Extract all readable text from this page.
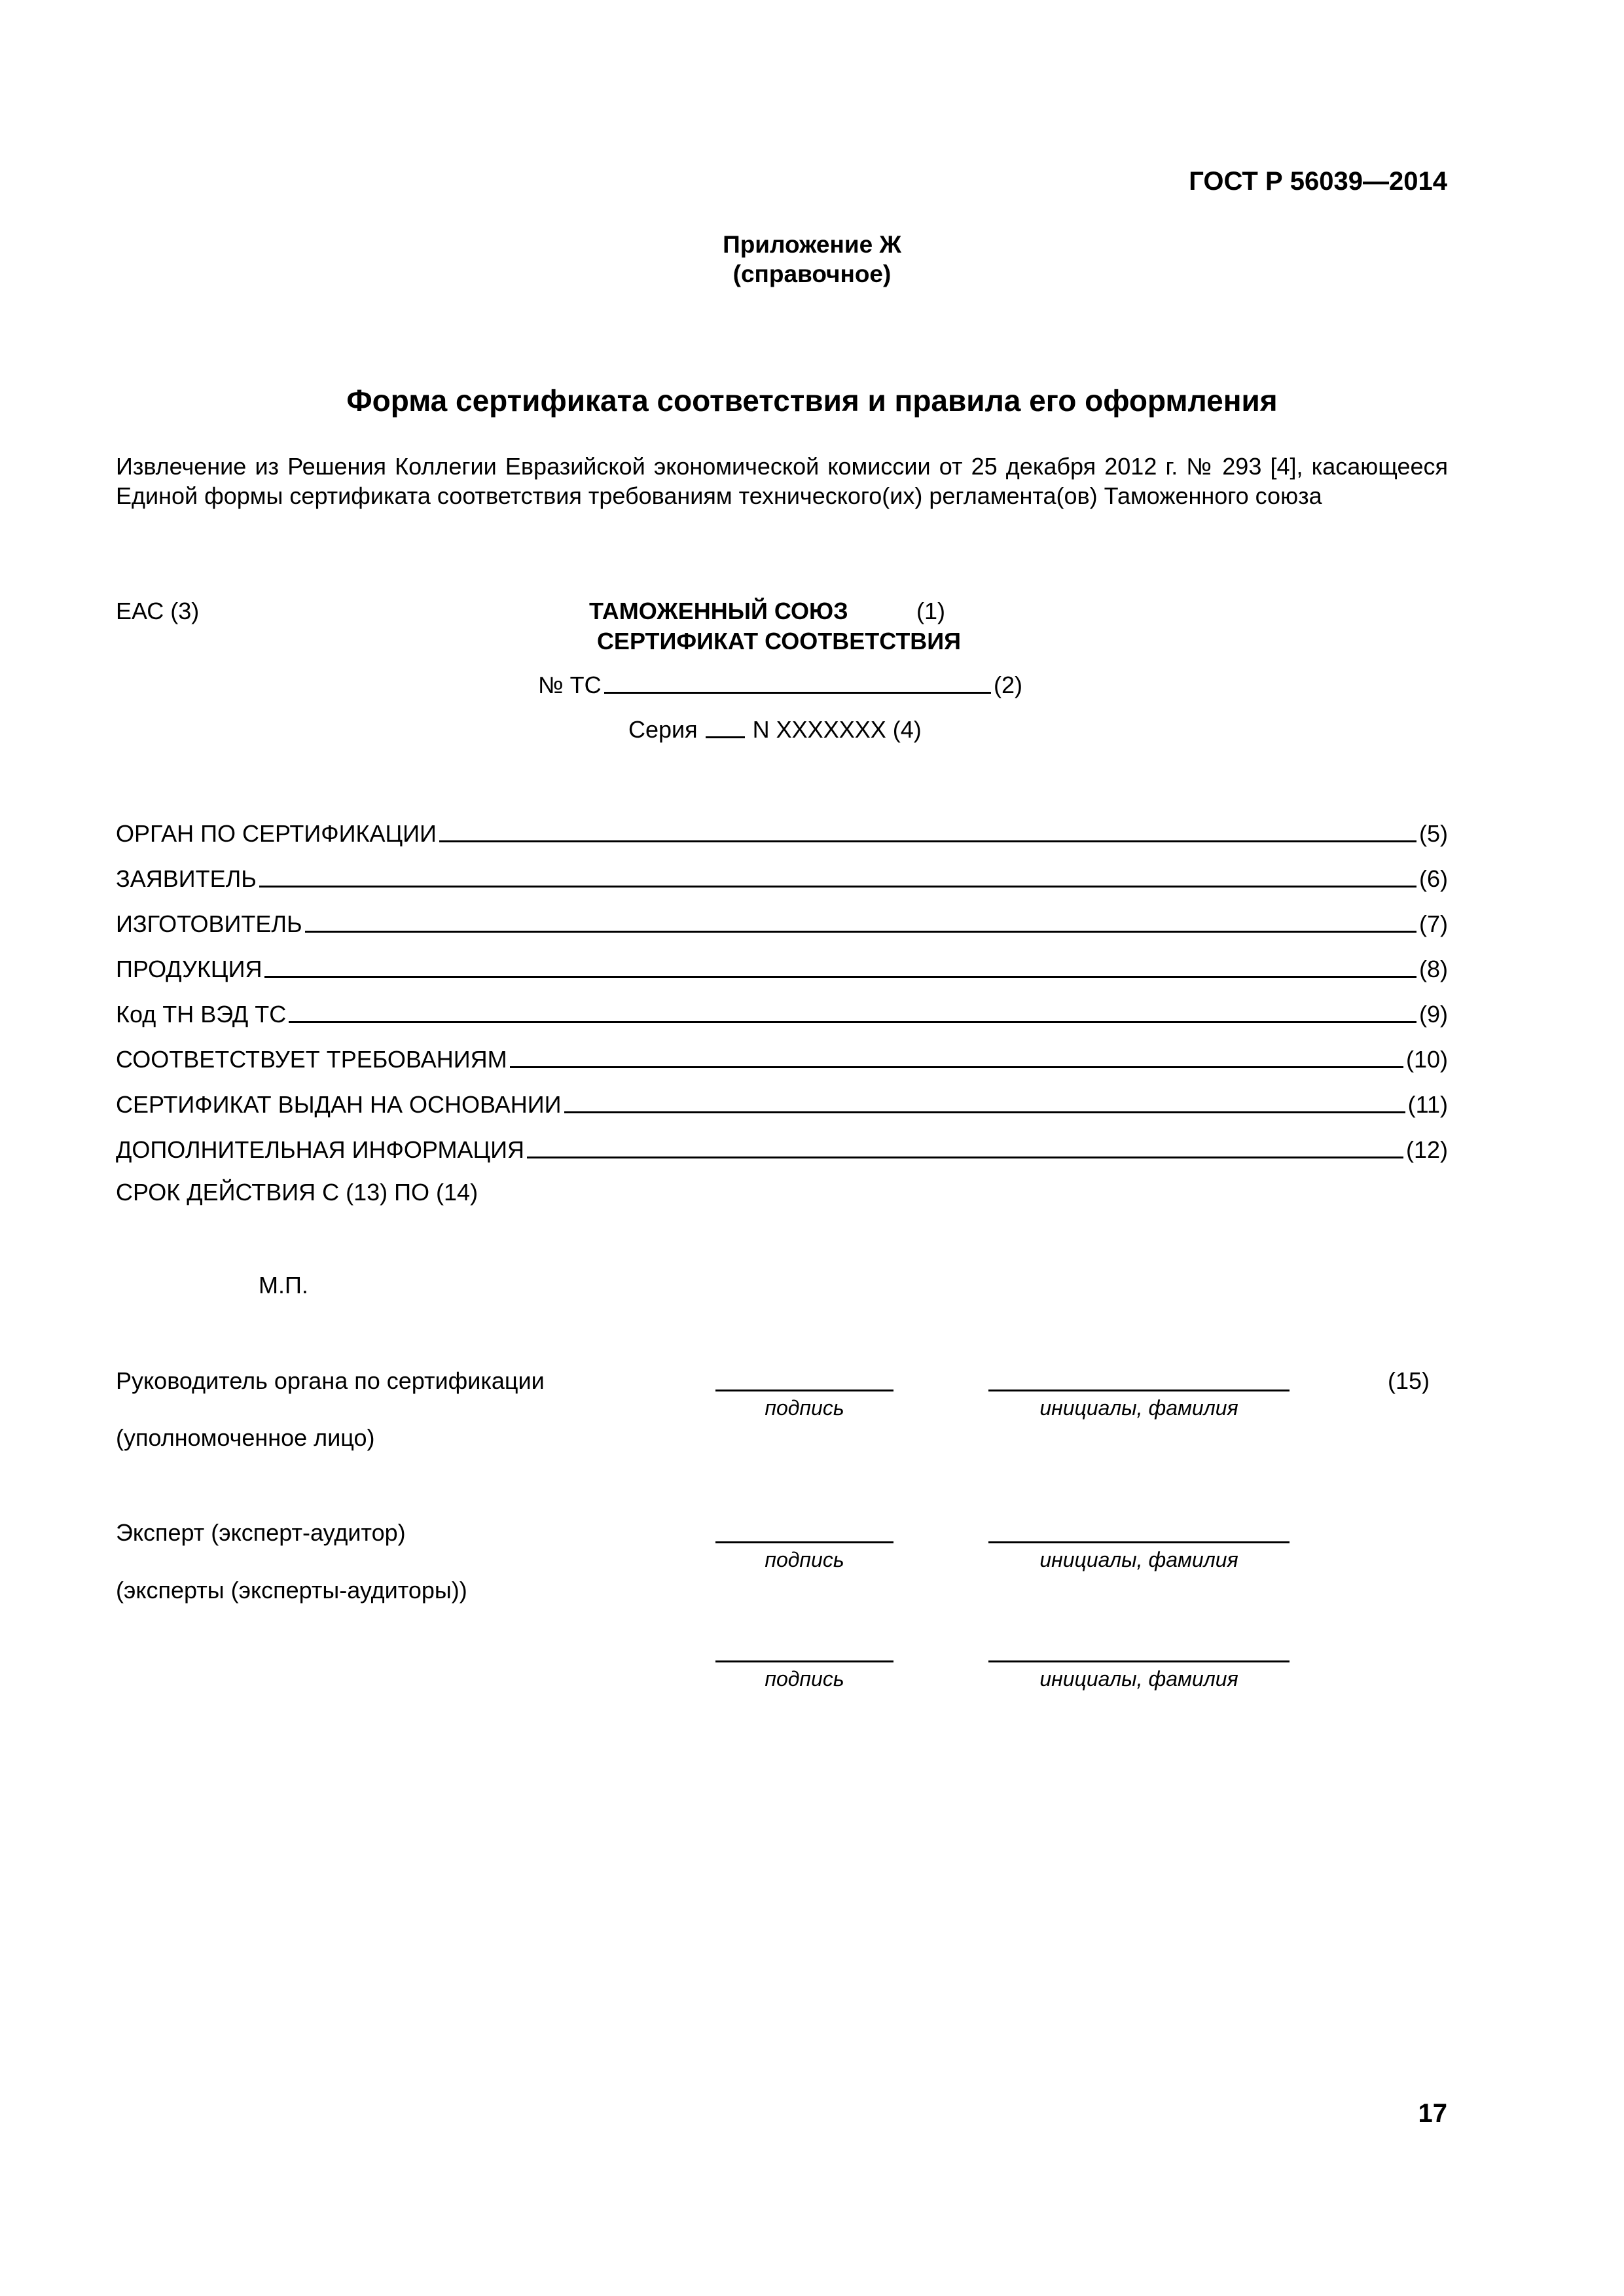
ГОСТ Р 56039—2014
Приложение Ж
(справочное)
Форма сертификата соответствия и правила его оформления

Извлечение из Решения Коллегии Евразийской экономической комиссии от 25 декабря 2012 г. № 293 [4], касающееся Единой формы сертификата соответствия требованиям технического(их) регламента(ов) Таможенного союза

ЕАС (3)	ТАМОЖЕННЫЙ СОЮЗ	(1)
СЕРТИФИКАТ СООТВЕТСТВИЯ
№ ТС	(2)
Серия N XXXXXXX (4)
ОРГАН ПО СЕРТИФИКАЦИИ	(5)
ЗАЯВИТЕЛЬ	(6)
ИЗГОТОВИТЕЛЬ	(7)
ПРОДУКЦИЯ	(8)
Код ТН ВЭД ТС	(9)
СООТВЕТСТВУЕТ ТРЕБОВАНИЯМ	(10)
СЕРТИФИКАТ ВЫДАН НА ОСНОВАНИИ	(11)
ДОПОЛНИТЕЛЬНАЯ ИНФОРМАЦИЯ	(12)
СРОК ДЕЙСТВИЯ С (13) ПО (14)
М.П.
Руководитель органа по сертификации
(уполномоченное лицо)
(15)
подпись	инициалы, фамилия
Эксперт (эксперт-аудитор)
(эксперты (эксперты-аудиторы))
подпись	инициалы, фамилия
подпись	инициалы, фамилия
17
